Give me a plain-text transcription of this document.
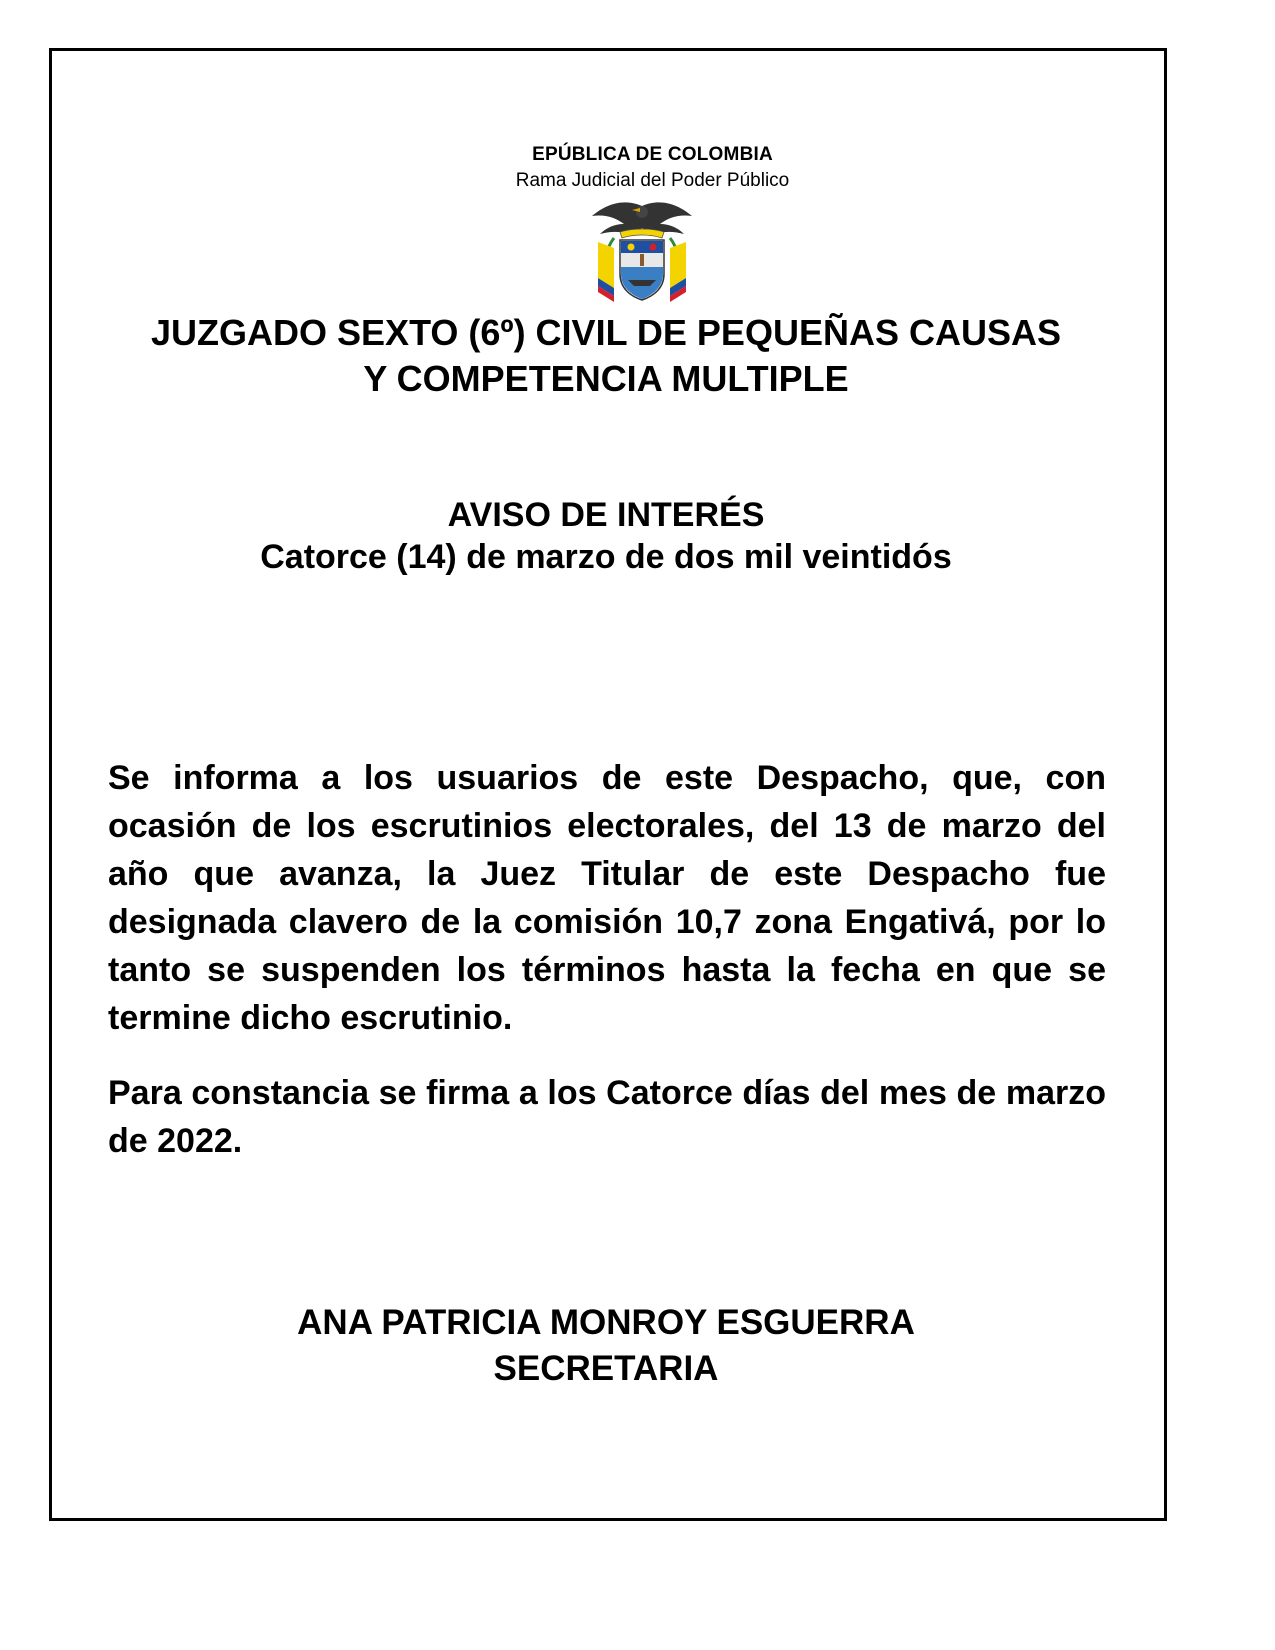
EPÚBLICA DE COLOMBIA
Rama Judicial del Poder Público
JUZGADO SEXTO (6º) CIVIL DE PEQUEÑAS CAUSAS
Y COMPETENCIA MULTIPLE
AVISO DE INTERÉS
Catorce (14) de marzo de dos mil veintidós
Se informa a los usuarios de este Despacho, que, con ocasión de los escrutinios electorales, del 13 de marzo del año que avanza, la Juez Titular de este Despacho fue designada clavero de la comisión 10,7 zona Engativá, por lo tanto se suspenden los términos hasta la fecha en que se termine dicho escrutinio.
Para constancia se firma a los Catorce días del mes de marzo de 2022.
ANA PATRICIA MONROY ESGUERRA
SECRETARIA
